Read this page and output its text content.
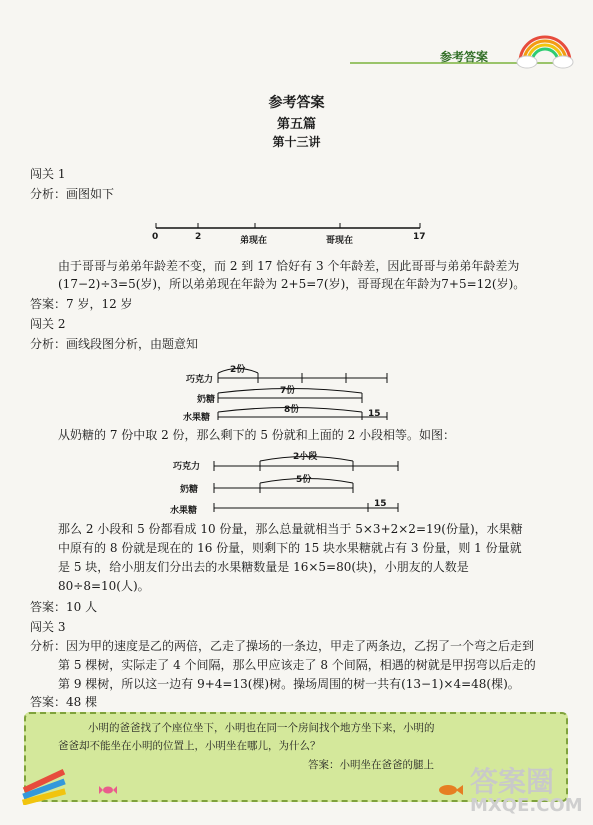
参考答案
参考答案
第五篇
第十三讲
闯关 1
分析：画图如下
0	2	弟现在	哥现在	17
由于哥哥与弟弟年龄差不变，而 2 到 17 恰好有 3 个年龄差，因此哥哥与弟弟年龄差为
(17−2)÷3=5(岁)，所以弟弟现在年龄为 2+5=7(岁)，哥哥现在年龄为7+5=12(岁)。
答案：7 岁，12 岁
闯关 2
分析：画线段图分析，由题意知
巧克力
奶糖
水果糖
2份
7份
8份	15
从奶糖的 7 份中取 2 份，那么剩下的 5 份就和上面的 2 小段相等。如图：
巧克力
奶糖
水果糖
2小段
5份
15
那么 2 小段和 5 份都看成 10 份量，那么总量就相当于 5×3+2×2=19(份量)，水果糖
中原有的 8 份就是现在的 16 份量，则剩下的 15 块水果糖就占有 3 份量，则 1 份量就
是 5 块，给小朋友们分出去的水果糖数量是 16×5=80(块)，小朋友的人数是
80÷8=10(人)。
答案：10 人
闯关 3
分析：因为甲的速度是乙的两倍，乙走了操场的一条边，甲走了两条边，乙拐了一个弯之后走到
第 5 棵树，实际走了 4 个间隔，那么甲应该走了 8 个间隔，相遇的树就是甲拐弯以后走的
第 9 棵树，所以这一边有 9+4=13(棵)树。操场周围的树一共有(13−1)×4=48(棵)。
答案：48 棵
小明的爸爸找了个座位坐下，小明也在同一个房间找个地方坐下来，小明的
爸爸却不能坐在小明的位置上，小明坐在哪儿，为什么？
答案：小明坐在爸爸的腿上 答案圈
MXQE.COM
